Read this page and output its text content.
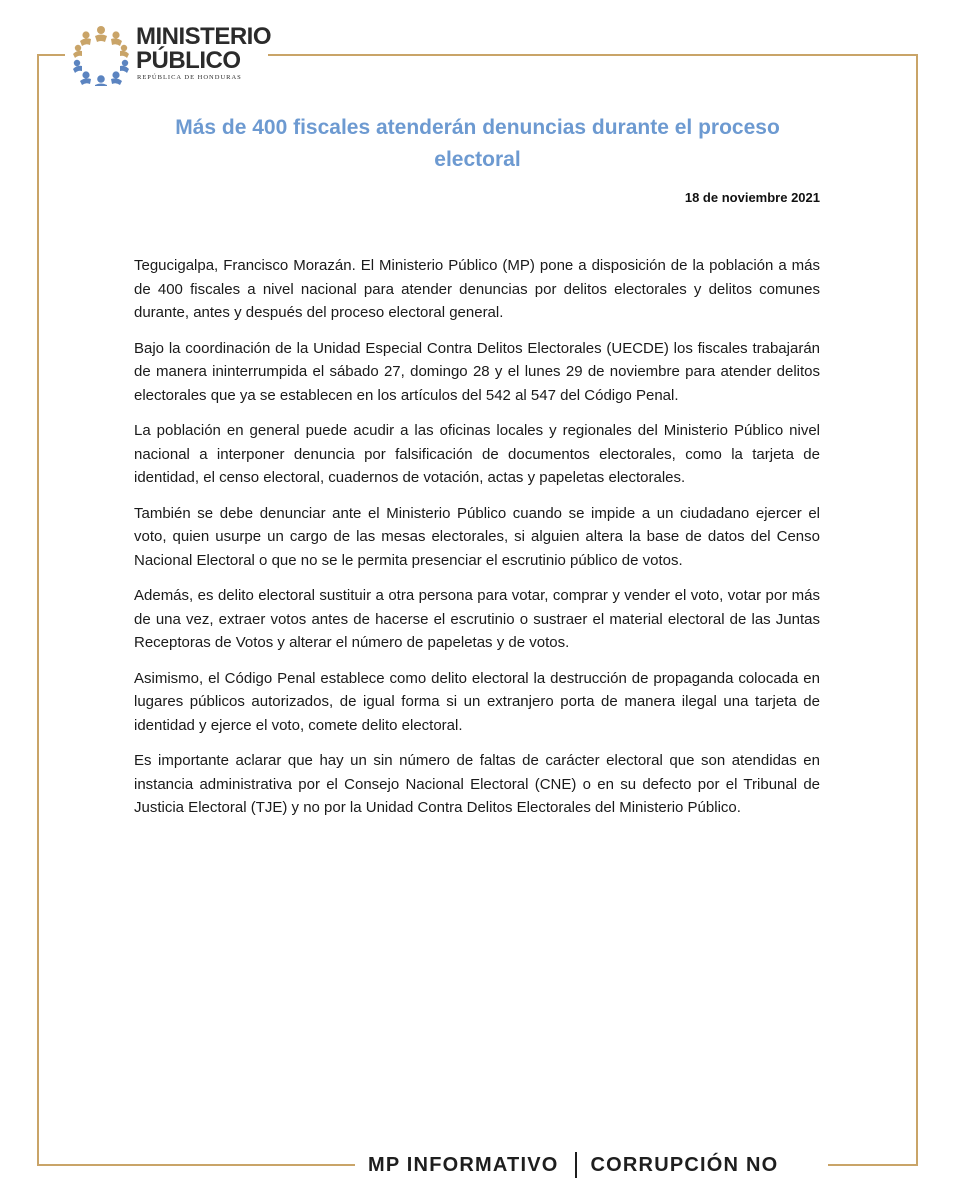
MINISTERIO
PÚBLICO
REPÚBLICA DE HONDURAS
Más de 400 fiscales atenderán denuncias durante el proceso electoral
18 de noviembre 2021

Tegucigalpa, Francisco Morazán. El Ministerio Público (MP) pone a disposición de la población a más de 400 fiscales a nivel nacional para atender denuncias por delitos electorales y delitos comunes durante, antes y después del proceso electoral general.

Bajo la coordinación de la Unidad Especial Contra Delitos Electorales (UECDE) los fiscales trabajarán de manera ininterrumpida el sábado 27, domingo 28 y el lunes 29 de noviembre para atender delitos electorales que ya se establecen en los artículos del 542 al 547 del Código Penal.

La población en general puede acudir a las oficinas locales y regionales del Ministerio Público nivel nacional a interponer denuncia por falsificación de documentos electorales, como la tarjeta de identidad, el censo electoral, cuadernos de votación, actas y papeletas electorales.

También se debe denunciar ante el Ministerio Público cuando se impide a un ciudadano ejercer el voto, quien usurpe un cargo de las mesas electorales, si alguien altera la base de datos del Censo Nacional Electoral o que no se le permita presenciar el escrutinio público de votos.

Además, es delito electoral sustituir a otra persona para votar, comprar y vender el voto, votar por más de una vez, extraer votos antes de hacerse el escrutinio o sustraer el material electoral de las Juntas Receptoras de Votos y alterar el número de papeletas y de votos.

Asimismo, el Código Penal establece como delito electoral la destrucción de propaganda colocada en lugares públicos autorizados, de igual forma si un extranjero porta de manera ilegal una tarjeta de identidad y ejerce el voto, comete delito electoral.

Es importante aclarar que hay un sin número de faltas de carácter electoral que son atendidas en instancia administrativa por el Consejo Nacional Electoral (CNE) o en su defecto por el Tribunal de Justicia Electoral (TJE) y no por la Unidad Contra Delitos Electorales del Ministerio Público.

MP INFORMATIVO CORRUPCIÓN NO
